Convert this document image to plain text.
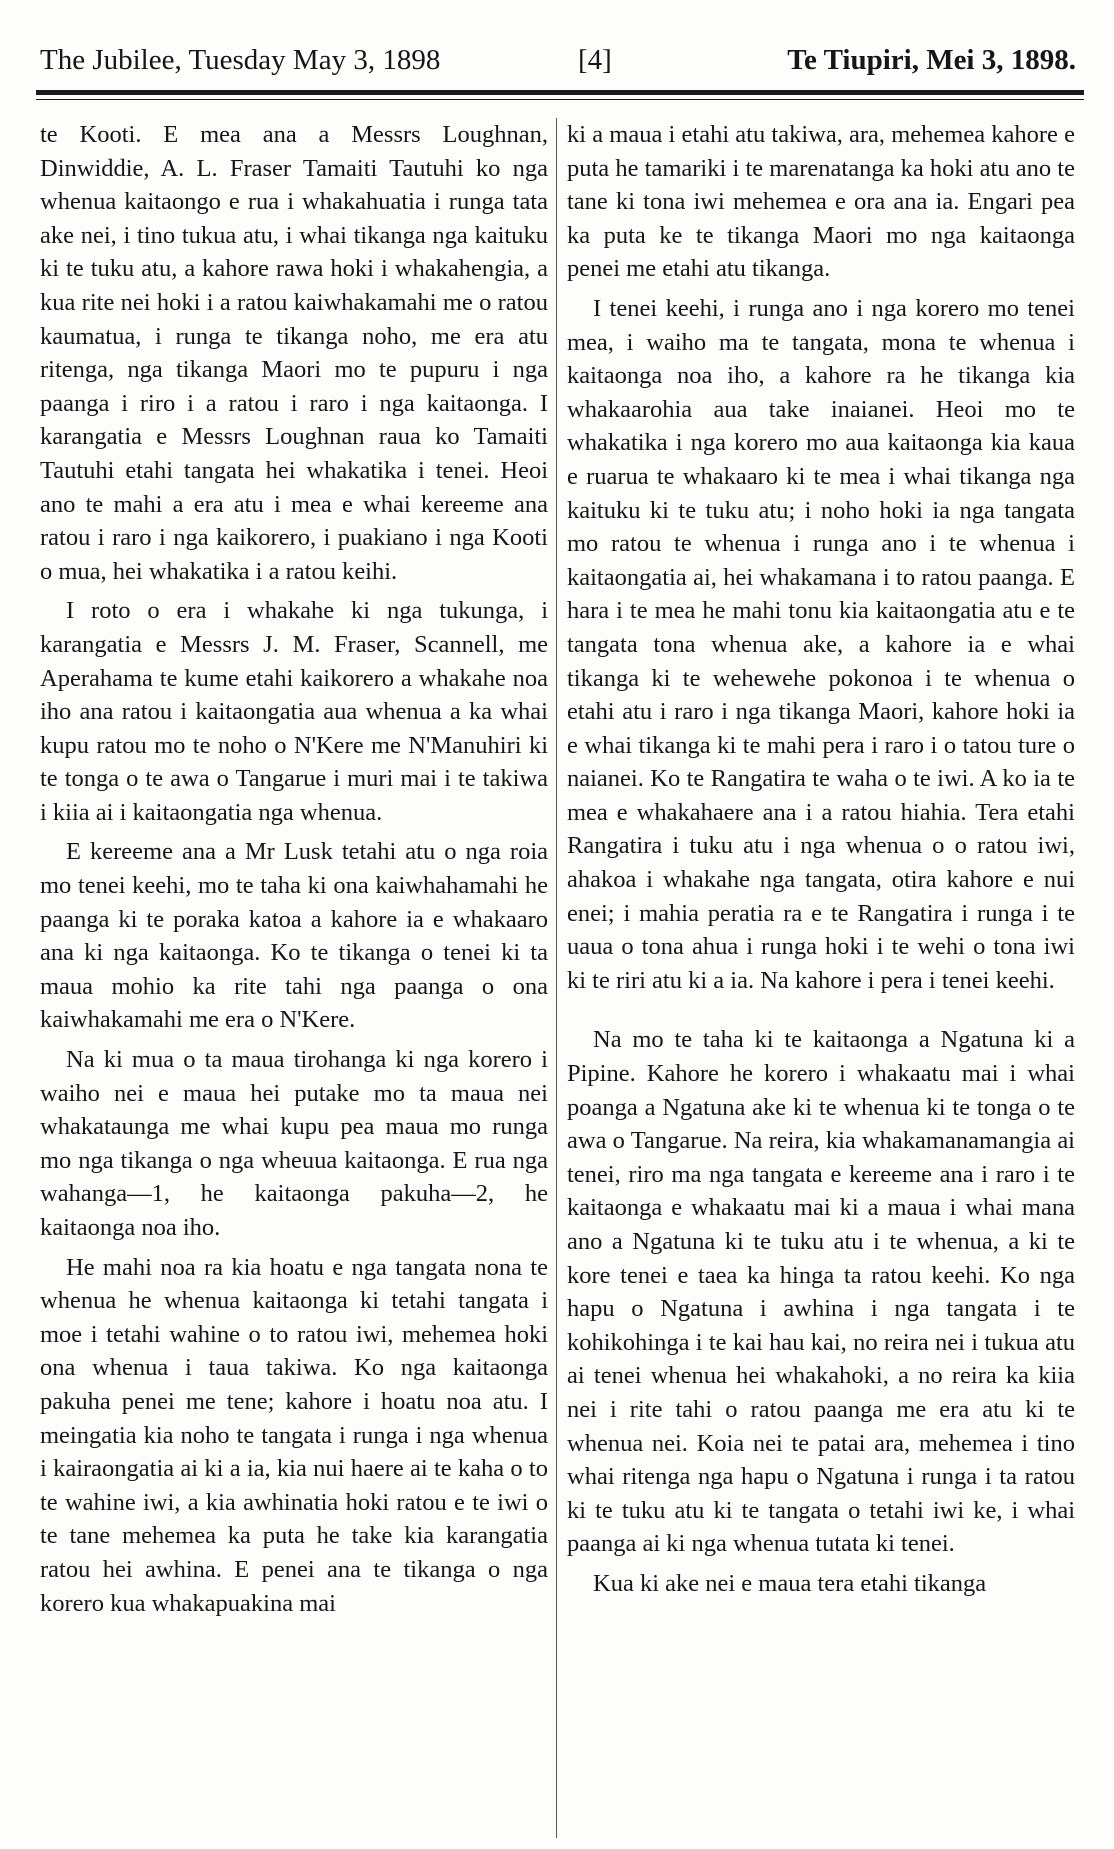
The Jubilee, Tuesday May 3, 1898	[4]	Te Tiupiri, Mei 3, 1898.

te Kooti. E mea ana a Messrs Loughnan, Dinwiddie, A. L. Fraser Tamaiti Tautuhi ko nga whenua kaitaongo e rua i whakahuatia i runga tata ake nei, i tino tukua atu, i whai tikanga nga kaituku ki te tuku atu, a kahore rawa hoki i whakahengia, a kua rite nei hoki i a ratou kaiwhakamahi me o ratou kaumatua, i runga te tikanga noho, me era atu ritenga, nga tikanga Maori mo te pupuru i nga paanga i riro i a ratou i raro i nga kaitaonga. I karangatia e Messrs Loughnan raua ko Tamaiti Tautuhi etahi tangata hei whakatika i tenei. Heoi ano te mahi a era atu i mea e whai kereeme ana ratou i raro i nga kaikorero, i puakiano i nga Kooti o mua, hei whakatika i a ratou keihi.

I roto o era i whakahe ki nga tukunga, i karangatia e Messrs J. M. Fraser, Scannell, me Aperahama te kume etahi kaikorero a whakahe noa iho ana ratou i kaitaongatia aua whenua a ka whai kupu ratou mo te noho o N'Kere me N'Manuhiri ki te tonga o te awa o Tangarue i muri mai i te takiwa i kiia ai i kaitaongatia nga whenua.

E kereeme ana a Mr Lusk tetahi atu o nga roia mo tenei keehi, mo te taha ki ona kaiwhahamahi he paanga ki te poraka katoa a kahore ia e whakaaro ana ki nga kaitaonga. Ko te tikanga o tenei ki ta maua mohio ka rite tahi nga paanga o ona kaiwhakamahi me era o N'Kere.

Na ki mua o ta maua tirohanga ki nga korero i waiho nei e maua hei putake mo ta maua nei whakataunga me whai kupu pea maua mo runga mo nga tikanga o nga wheuua kaitaonga. E rua nga wahanga—1, he kaitaonga pakuha—2, he kaitaonga noa iho.

He mahi noa ra kia hoatu e nga tangata nona te whenua he whenua kaitaonga ki tetahi tangata i moe i tetahi wahine o to ratou iwi, mehemea hoki ona whenua i taua takiwa. Ko nga kaitaonga pakuha penei me tene; kahore i hoatu noa atu. I meingatia kia noho te tangata i runga i nga whenua i kairaongatia ai ki a ia, kia nui haere ai te kaha o to te wahine iwi, a kia awhinatia hoki ratou e te iwi o te tane mehemea ka puta he take kia karangatia ratou hei awhina. E penei ana te tikanga o nga korero kua whakapuakina mai

ki a maua i etahi atu takiwa, ara, mehemea kahore e puta he tamariki i te marenatanga ka hoki atu ano te tane ki tona iwi mehemea e ora ana ia. Engari pea ka puta ke te tikanga Maori mo nga kaitaonga penei me etahi atu tikanga.

I tenei keehi, i runga ano i nga korero mo tenei mea, i waiho ma te tangata, mona te whenua i kaitaonga noa iho, a kahore ra he tikanga kia whakaarohia aua take inaianei. Heoi mo te whakatika i nga korero mo aua kaitaonga kia kaua e ruarua te whakaaro ki te mea i whai tikanga nga kaituku ki te tuku atu; i noho hoki ia nga tangata mo ratou te whenua i runga ano i te whenua i kaitaongatia ai, hei whakamana i to ratou paanga. E hara i te mea he mahi tonu kia kaitaongatia atu e te tangata tona whenua ake, a kahore ia e whai tikanga ki te wehewehe pokonoa i te whenua o etahi atu i raro i nga tikanga Maori, kahore hoki ia e whai tikanga ki te mahi pera i raro i o tatou ture o naianei. Ko te Rangatira te waha o te iwi. A ko ia te mea e whakahaere ana i a ratou hiahia. Tera etahi Rangatira i tuku atu i nga whenua o o ratou iwi, ahakoa i whakahe nga tangata, otira kahore e nui enei; i mahia peratia ra e te Rangatira i runga i te uaua o tona ahua i runga hoki i te wehi o tona iwi ki te riri atu ki a ia. Na kahore i pera i tenei keehi.

Na mo te taha ki te kaitaonga a Ngatuna ki a Pipine. Kahore he korero i whakaatu mai i whai poanga a Ngatuna ake ki te whenua ki te tonga o te awa o Tangarue. Na reira, kia whakamanamangia ai tenei, riro ma nga tangata e kereeme ana i raro i te kaitaonga e whakaatu mai ki a maua i whai mana ano a Ngatuna ki te tuku atu i te whenua, a ki te kore tenei e taea ka hinga ta ratou keehi. Ko nga hapu o Ngatuna i awhina i nga tangata i te kohikohinga i te kai hau kai, no reira nei i tukua atu ai tenei whenua hei whakahoki, a no reira ka kiia nei i rite tahi o ratou paanga me era atu ki te whenua nei. Koia nei te patai ara, mehemea i tino whai ritenga nga hapu o Ngatuna i runga i ta ratou ki te tuku atu ki te tangata o tetahi iwi ke, i whai paanga ai ki nga whenua tutata ki tenei.

Kua ki ake nei e maua tera etahi tikanga
